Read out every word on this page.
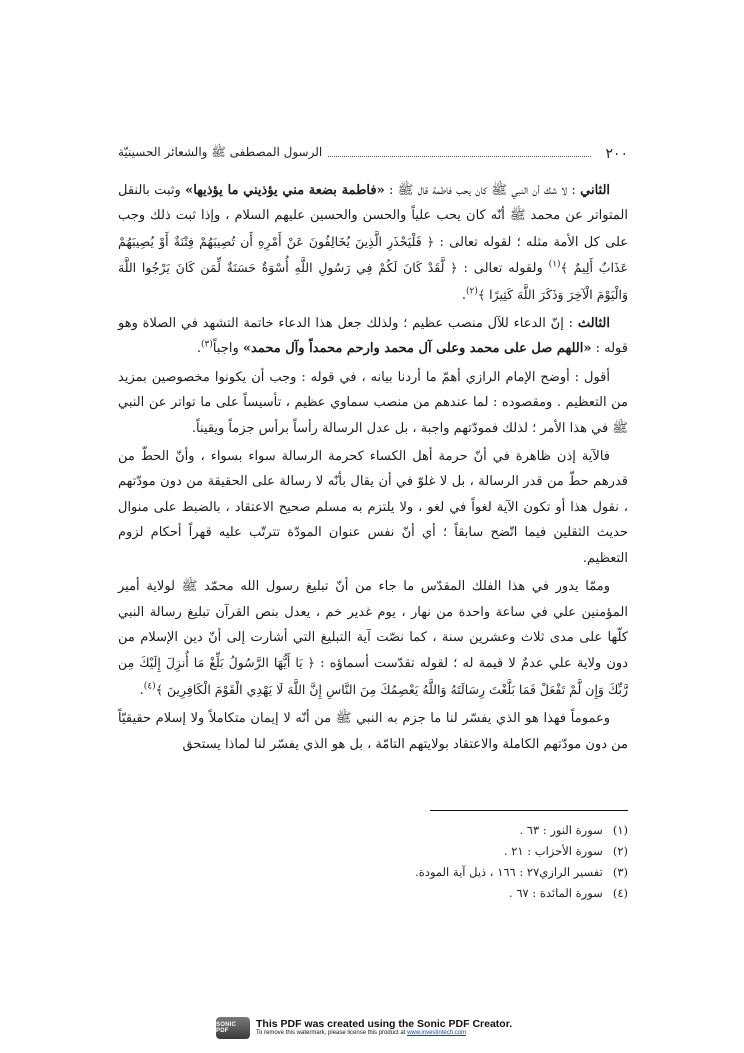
٢٠٠
الرسول المصطفى ﷺ والشعائر الحسينيّة

الثاني : لا شك أن النبي ﷺ كان يحب فاطمة قال ﷺ : «فاطمة بضعة مني يؤذيني ما يؤذيها» وثبت بالنقل المتواتر عن محمد ﷺ أنّه كان يحب علياً والحسن والحسين عليهم السلام ، وإذا ثبت ذلك وجب على كل الأمة مثله ؛ لقوله تعالى : ﴿ فَلْيَحْذَرِ الَّذِينَ يُخَالِفُونَ عَنْ أَمْرِهِ أَن تُصِيبَهُمْ فِتْنَةٌ أَوْ يُصِيبَهُمْ عَذَابٌ أَلِيمٌ ﴾$^{(١)}$ ولقوله تعالى : ﴿ لَّقَدْ كَانَ لَكُمْ فِي رَسُولِ اللَّهِ أُسْوَةٌ حَسَنَةٌ لِّمَن كَانَ يَرْجُوا اللَّهَ وَالْيَوْمَ الْآخِرَ وَذَكَرَ اللَّهَ كَثِيرًا ﴾$^{(٢)}$.

الثالث : إنّ الدعاء للآل منصب عظيم ؛ ولذلك جعل هذا الدعاء خاتمة التشهد في الصلاة وهو قوله : «اللهم صل على محمد وعلى آل محمد وارحم محمداً وآل محمد» واجباً$^{(٣)}$.

أقول : أوضح الإمام الرازي أهمّ ما أردنا بيانه ، في قوله : وجب أن يكونوا مخصوصين بمزيد من التعظيم . ومقصوده : لما عندهم من منصب سماوي عظيم ، تأسيساً على ما تواتر عن النبي ﷺ في هذا الأمر ؛ لذلك فمودّتهم واجبة ، بل عدل الرسالة رأساً برأس جزماً ويقيناً.

فالآية إذن ظاهرة في أنّ حرمة أهل الكساء كحرمة الرسالة سواء بسواء ، وأنّ الحطّ من قدرهم حطّ من قدر الرسالة ، بل لا غلوّ في أن يقال بأنّه لا رسالة على الحقيقة من دون مودّتهم ، نقول هذا أو تكون الآية لغواً في لغو ، ولا يلتزم به مسلم صحيح الاعتقاد ، بالضبط على منوال حديث الثقلين فيما اتّضح سابقاً ؛ أي أنّ نفس عنوان المودّة تترتّب عليه قهراً أحكام لزوم التعظيم.

وممّا يدور في هذا الفلك المقدّس ما جاء من أنّ تبليغ رسول الله محمّد ﷺ لولاية أمير المؤمنين علي في ساعة واحدة من نهار ، يوم غدير خم ، يعدل بنص القرآن تبليغ رسالة النبي كلّها على مدى ثلاث وعشرين سنة ، كما نصّت آية التبليغ التي أشارت إلى أنّ دين الإسلام من دون ولاية علي عدمٌ لا قيمة له ؛ لقوله تقدّست أسماؤه : ﴿ يَا أَيُّهَا الرَّسُولُ بَلِّغْ مَا أُنزِلَ إِلَيْكَ مِن رَّبِّكَ وَإِن لَّمْ تَفْعَلْ فَمَا بَلَّغْتَ رِسَالَتَهُ وَاللَّهُ يَعْصِمُكَ مِنَ النَّاسِ إِنَّ اللَّهَ لَا يَهْدِي الْقَوْمَ الْكَافِرِينَ ﴾$^{(٤)}$.

وعموماً فهذا هو الذي يفسّر لنا ما جزم به النبي ﷺ من أنّه لا إيمان متكاملاً ولا إسلام حقيقيّاً من دون مودّتهم الكاملة والاعتقاد بولايتهم التامّة ، بل هو الذي يفسّر لنا لماذا يستحق

(١)سورة النور : ٦٣ .
(٢)سورة الأحزاب : ٢١ .
(٣)تفسير الرازي٢٧ : ١٦٦ ، ذيل آية المودة.
(٤)سورة المائدة : ٦٧ .
SONIC PDF
This PDF was created using the Sonic PDF Creator.
To remove this watermark, please license this product at www.investintech.com
